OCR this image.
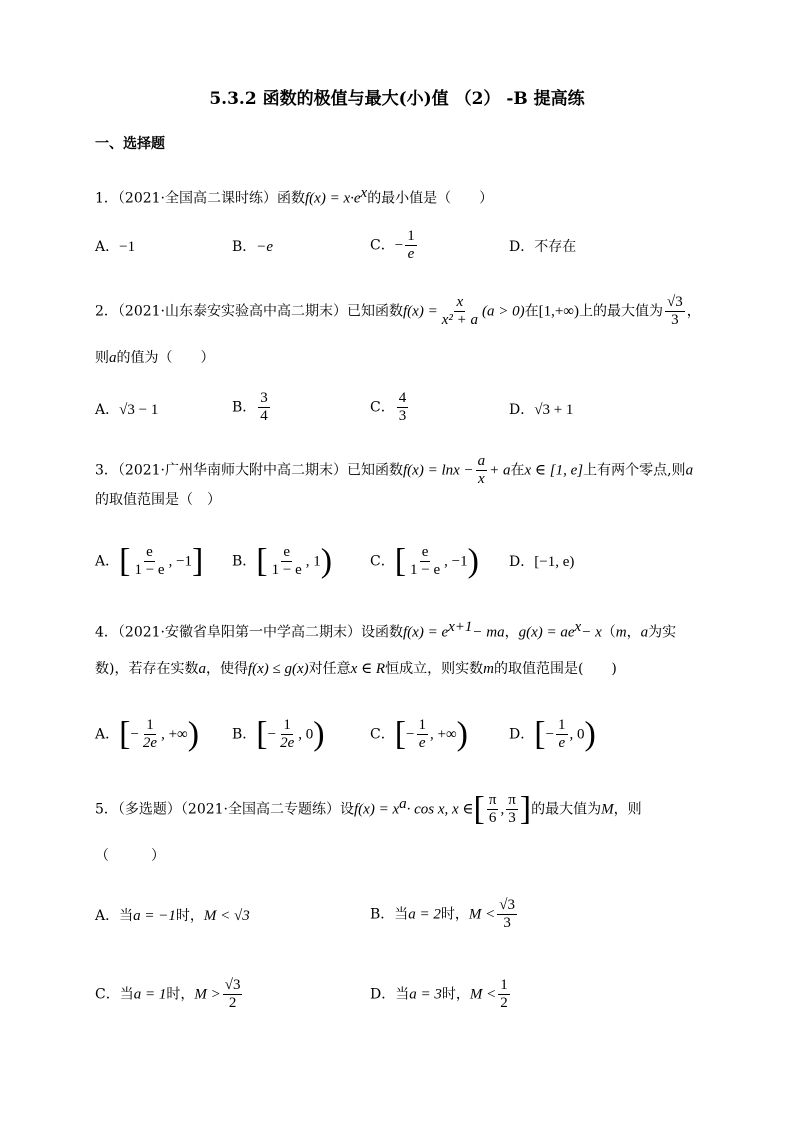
5.3.2 函数的极值与最大(小)值 （2） -B 提高练
一、选择题
1．（2021·全国高二课时练）函数$f(x) = x\cdot e^x$的最小值是（　　）
A．−1	B．−e	C．− $\frac{1}{e}$	D．不存在
2．（2021·山东泰安实验高中高二期末）已知函数$f(x) = \frac{x}{\text{x² + a}} (a > 0)$在[1,+∞)上的最大值为 $\frac{√3}{3}$ ，
则a的值为（　　）
A．√3 − 1	B． $\frac{3}{4}$	C． $\frac{4}{3}$	D．√3 + 1
3．（2021·广州华南师大附中高二期末）已知函数$f(x) = \ln x - \frac{a}{x} + a$在x ∈ [1, e]上有两个零点,则a
的取值范围是（　）
A．[ $\frac{e}{1 - e}$ , −1] B．[ $\frac{e}{1 - e}$ , 1)	C．[ $\frac{e}{1 - e}$ , −1) D．[−1, e)
4．（2021·安徽省阜阳第一中学高二期末）设函数$f(x) = e^{x+1}-$ ma，$g(x) = ae^x- x(m$，a为实
数)，若存在实数a，使得f(x) ≤ g(x)对任意x ∈ R恒成立，则实数m的取值范围是(　　)
A．[− $\frac{1}{2e}$ , +∞) B．[− $\frac{1}{2e}$ , 0)	C．[− $\frac{1}{e}$ , +∞)	D．[− $\frac{1}{e}$ , 0)
5．（多选题）（2021·全国高二专题练）设$f(x) = x^a\cdot \cos x$, x ∈[ $\frac{\pi}{6}$ , $\frac{\pi}{3}$ ]的最大值为M，则
（　　　）
A．当a = −1时，M < √3	B．当a = 2时，$M < \frac{√3}{3}$
C．当a = 1时，$M > \frac{√3}{2}$	D．当a = 3时，$M < \frac{1}{2}$
